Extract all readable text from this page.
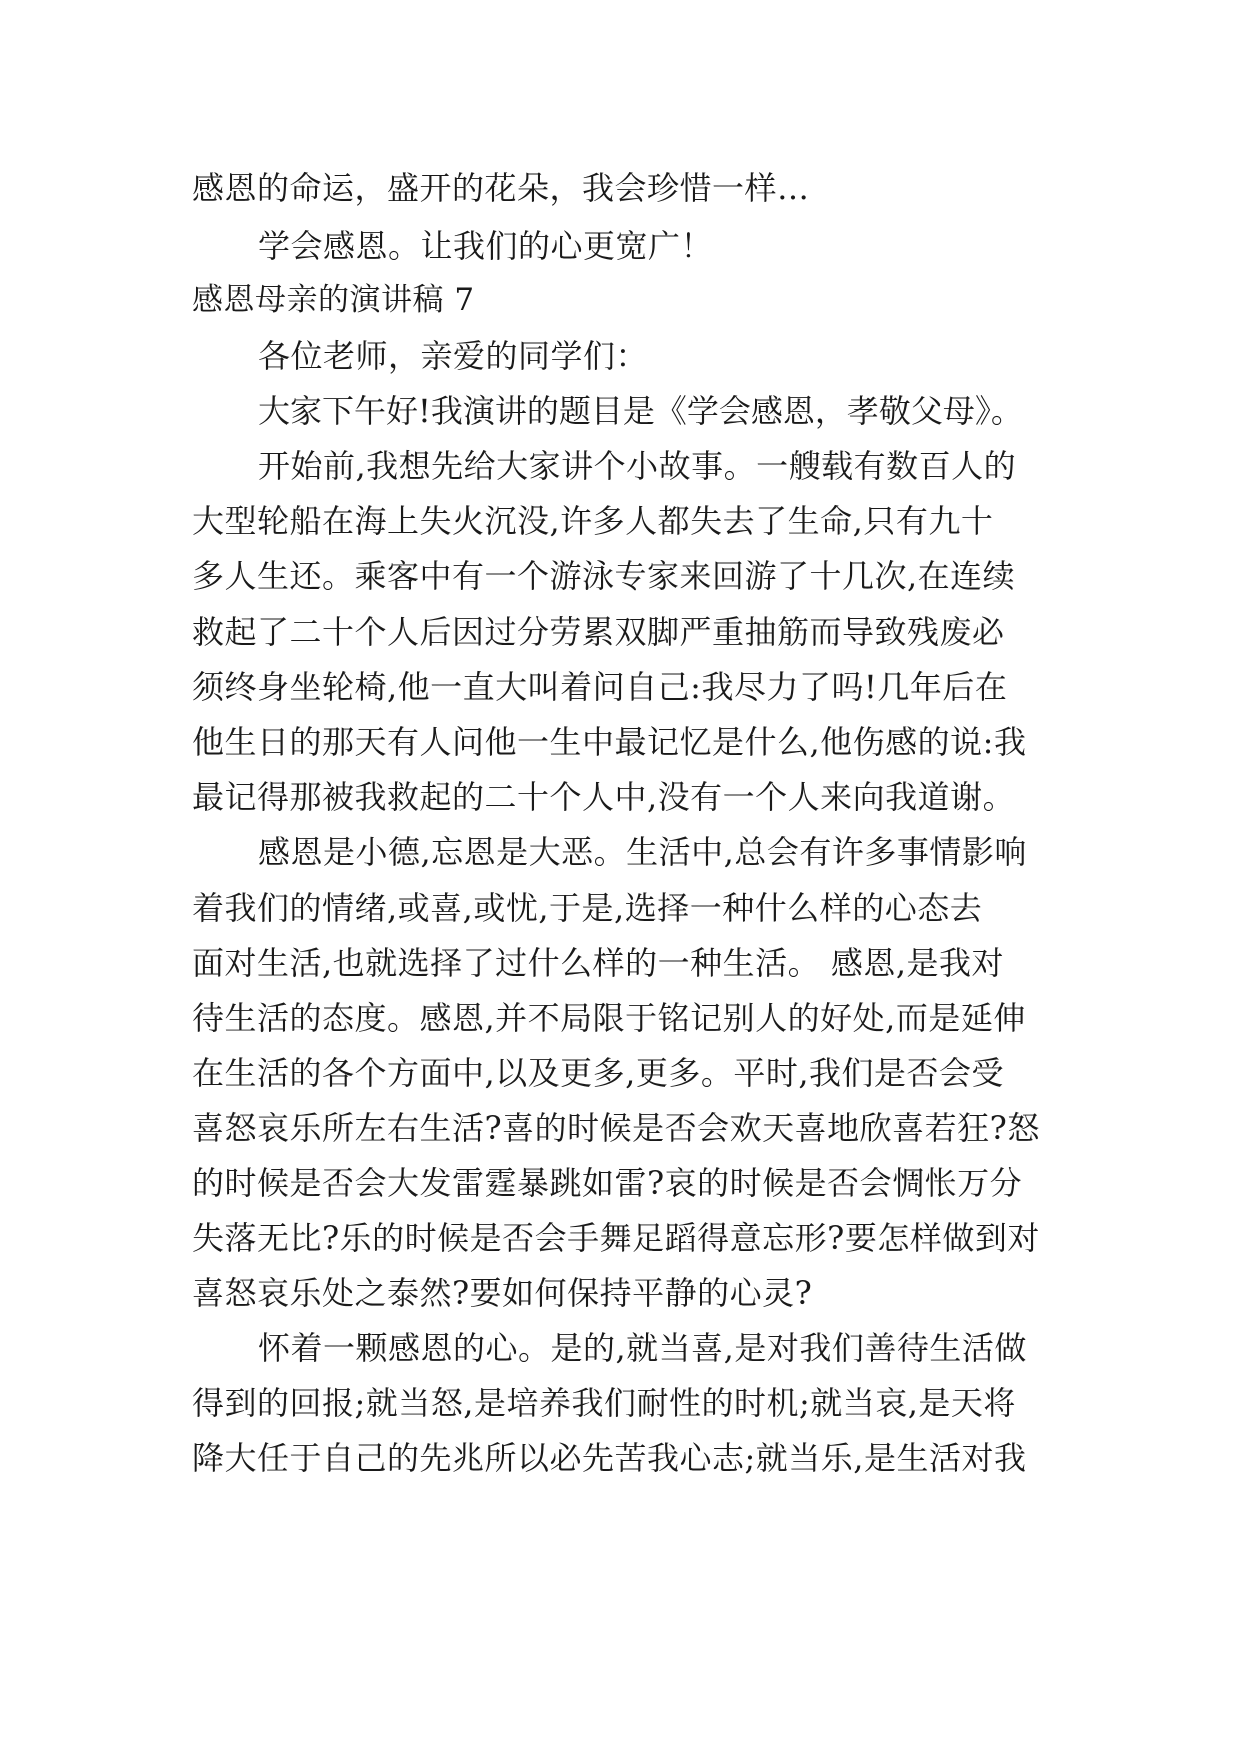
感恩的命运，盛开的花朵，我会珍惜一样…
学会感恩。让我们的心更宽广！
感恩母亲的演讲稿 7
各位老师，亲爱的同学们：
大家下午好!我演讲的题目是《学会感恩，孝敬父母》。
开始前,我想先给大家讲个小故事。一艘载有数百人的
大型轮船在海上失火沉没,许多人都失去了生命,只有九十
多人生还。乘客中有一个游泳专家来回游了十几次,在连续
救起了二十个人后因过分劳累双脚严重抽筋而导致残废必
须终身坐轮椅,他一直大叫着问自己:我尽力了吗!几年后在
他生日的那天有人问他一生中最记忆是什么,他伤感的说:我
最记得那被我救起的二十个人中,没有一个人来向我道谢。
感恩是小德,忘恩是大恶。生活中,总会有许多事情影响
着我们的情绪,或喜,或忧,于是,选择一种什么样的心态去
面对生活,也就选择了过什么样的一种生活。 感恩,是我对
待生活的态度。感恩,并不局限于铭记别人的好处,而是延伸
在生活的各个方面中,以及更多,更多。平时,我们是否会受
喜怒哀乐所左右生活?喜的时候是否会欢天喜地欣喜若狂?怒
的时候是否会大发雷霆暴跳如雷?哀的时候是否会惆怅万分
失落无比?乐的时候是否会手舞足蹈得意忘形?要怎样做到对
喜怒哀乐处之泰然?要如何保持平静的心灵?
怀着一颗感恩的心。是的,就当喜,是对我们善待生活做
得到的回报;就当怒,是培养我们耐性的时机;就当哀,是天将
降大任于自己的先兆所以必先苦我心志;就当乐,是生活对我
